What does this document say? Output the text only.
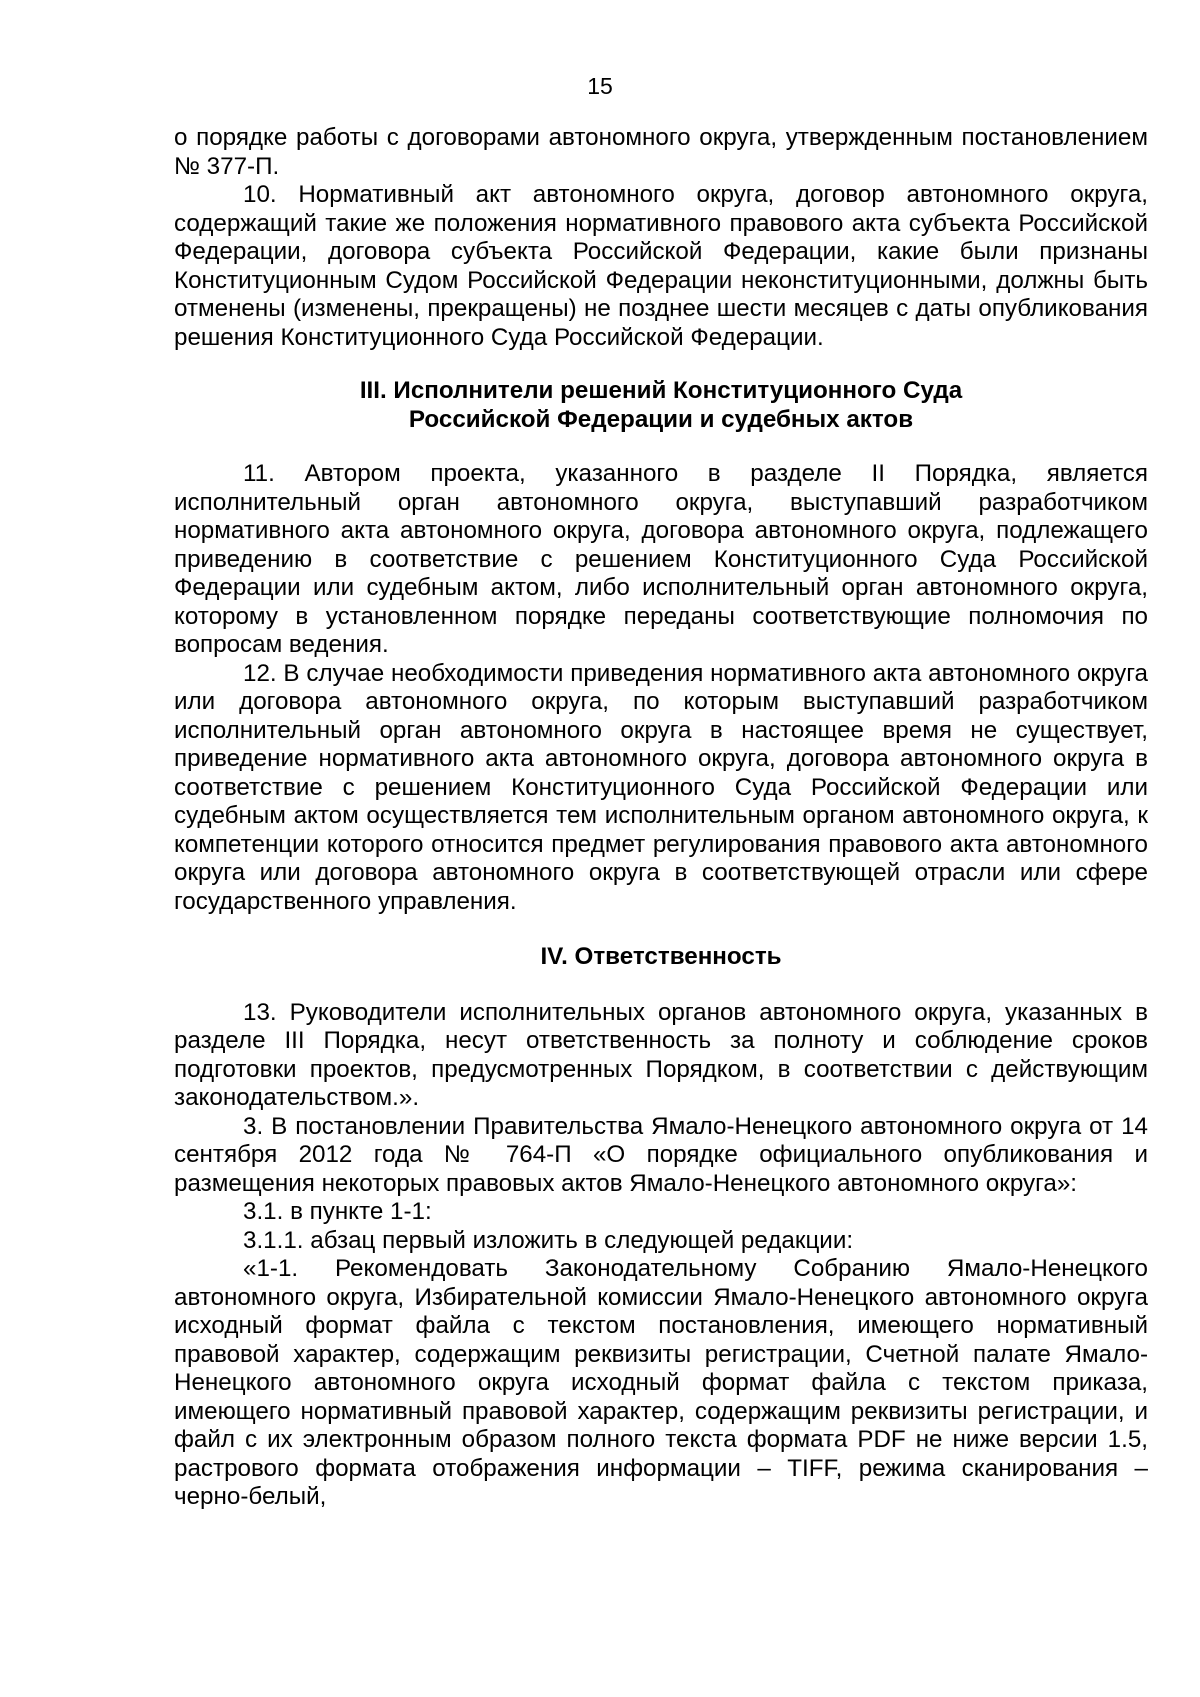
15

о порядке работы с договорами автономного округа, утвержденным постановлением № 377-П.

10. Нормативный акт автономного округа, договор автономного округа, содержащий такие же положения нормативного правового акта субъекта Российской Федерации, договора субъекта Российской Федерации, какие были признаны Конституционным Судом Российской Федерации неконституционными, должны быть отменены (изменены, прекращены) не позднее шести месяцев с даты опубликования решения Конституционного Суда Российской Федерации.

III. Исполнители решений Конституционного Суда
Российской Федерации и судебных актов

11. Автором проекта, указанного в разделе II Порядка, является исполнительный орган автономного округа, выступавший разработчиком нормативного акта автономного округа, договора автономного округа, подлежащего приведению в соответствие с решением Конституционного Суда Российской Федерации или судебным актом, либо исполнительный орган автономного округа, которому в установленном порядке переданы соответствующие полномочия по вопросам ведения.

12. В случае необходимости приведения нормативного акта автономного округа или договора автономного округа, по которым выступавший разработчиком исполнительный орган автономного округа в настоящее время не существует, приведение нормативного акта автономного округа, договора автономного округа в соответствие с решением Конституционного Суда Российской Федерации или судебным актом осуществляется тем исполнительным органом автономного округа, к компетенции которого относится предмет регулирования правового акта автономного округа или договора автономного округа в соответствующей отрасли или сфере государственного управления.

IV. Ответственность

13. Руководители исполнительных органов автономного округа, указанных в разделе III Порядка, несут ответственность за полноту и соблюдение сроков подготовки проектов, предусмотренных Порядком, в соответствии с действующим законодательством.».

3. В постановлении Правительства Ямало-Ненецкого автономного округа от 14 сентября 2012 года № 764-П «О порядке официального опубликования и размещения некоторых правовых актов Ямало-Ненецкого автономного округа»:

3.1. в пункте 1-1:

3.1.1. абзац первый изложить в следующей редакции:

«1-1. Рекомендовать Законодательному Собранию Ямало-Ненецкого автономного округа, Избирательной комиссии Ямало-Ненецкого автономного округа исходный формат файла с текстом постановления, имеющего нормативный правовой характер, содержащим реквизиты регистрации, Счетной палате Ямало-Ненецкого автономного округа исходный формат файла с текстом приказа, имеющего нормативный правовой характер, содержащим реквизиты регистрации, и файл с их электронным образом полного текста формата PDF не ниже версии 1.5, растрового формата отображения информации – TIFF, режима сканирования – черно-белый,
